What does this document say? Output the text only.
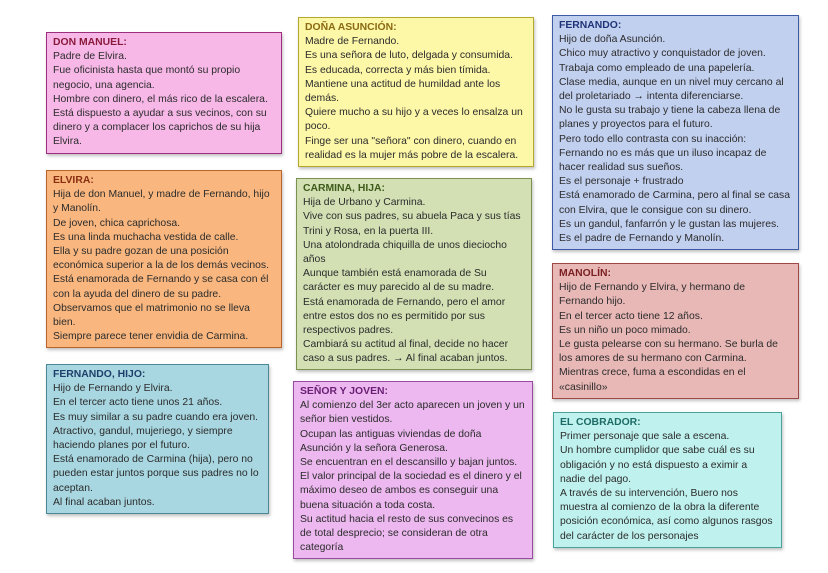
DON MANUEL:

Padre de Elvira.

Fue oficinista hasta que montó su propio negocio, una agencia.

Hombre con dinero, el más rico de la escalera.

Está dispuesto a ayudar a sus vecinos, con su dinero y a complacer los caprichos de su hija Elvira.

ELVIRA:

Hija de don Manuel, y madre de Fernando, hijo y Manolín.

De joven, chica caprichosa.

Es una linda muchacha vestida de calle.

Ella y su padre gozan de una posición económica superior a la de los demás vecinos.

Está enamorada de Fernando y se casa con él con la ayuda del dinero de su padre.

Observamos que el matrimonio no se lleva bien.

Siempre parece tener envidia de Carmina.

FERNANDO, HIJO:

Hijo de Fernando y Elvira.

En el tercer acto tiene unos 21 años.

Es muy similar a su padre cuando era joven.

Atractivo, gandul, mujeriego, y siempre haciendo planes por el futuro.

Está enamorado de Carmina (hija), pero no pueden estar juntos porque sus padres no lo aceptan.

Al final acaban juntos.

DOÑA ASUNCIÓN:

Madre de Fernando.

Es una señora de luto, delgada y consumida.

Es educada, correcta y más bien tímida.

Mantiene una actitud de humildad ante los demás.

Quiere mucho a su hijo y a veces lo ensalza un poco.

Finge ser una "señora" con dinero, cuando en realidad es la mujer más pobre de la escalera.

CARMINA, HIJA:

Hija de Urbano y Carmina.

Vive con sus padres, su abuela Paca y sus tías Trini y Rosa, en la puerta III.

Una atolondrada chiquilla de unos dieciocho años

Aunque también está enamorada de Su carácter es muy parecido al de su madre.

Está enamorada de Fernando, pero el amor entre estos dos no es permitido por sus respectivos padres.

Cambiará su actitud al final, decide no hacer caso a sus padres. → Al final acaban juntos.

SEÑOR Y JOVEN:

Al comienzo del 3er acto aparecen un joven y un señor bien vestidos.

Ocupan las antiguas viviendas de doña Asunción y la señora Generosa.

Se encuentran en el descansillo y bajan juntos.

El valor principal de la sociedad es el dinero y el máximo deseo de ambos es conseguir una buena situación a toda costa.

Su actitud hacia el resto de sus convecinos es de total desprecio; se consideran de otra categoría

FERNANDO:

Hijo de doña Asunción.

Chico muy atractivo y conquistador de joven.

Trabaja como empleado de una papelería.

Clase media, aunque en un nivel muy cercano al del proletariado → intenta diferenciarse.

No le gusta su trabajo y tiene la cabeza llena de planes y proyectos para el futuro.

Pero todo ello contrasta con su inacción: Fernando no es más que un iluso incapaz de hacer realidad sus sueños.

Es el personaje + frustrado

Está enamorado de Carmina, pero al final se casa con Elvira, que le consigue con su dinero.

Es un gandul, fanfarrón y le gustan las mujeres.

Es el padre de Fernando y Manolín.

MANOLÍN:

Hijo de Fernando y Elvira, y hermano de Fernando hijo.

En el tercer acto tiene 12 años.

Es un niño un poco mimado.

Le gusta pelearse con su hermano. Se burla de los amores de su hermano con Carmina.

Mientras crece, fuma a escondidas en el «casinillo»

EL COBRADOR:

Primer personaje que sale a escena.

Un hombre cumplidor que sabe cuál es su obligación y no está dispuesto a eximir a nadie del pago.

A través de su intervención, Buero nos muestra al comienzo de la obra la diferente posición económica, así como algunos rasgos del carácter de los personajes
